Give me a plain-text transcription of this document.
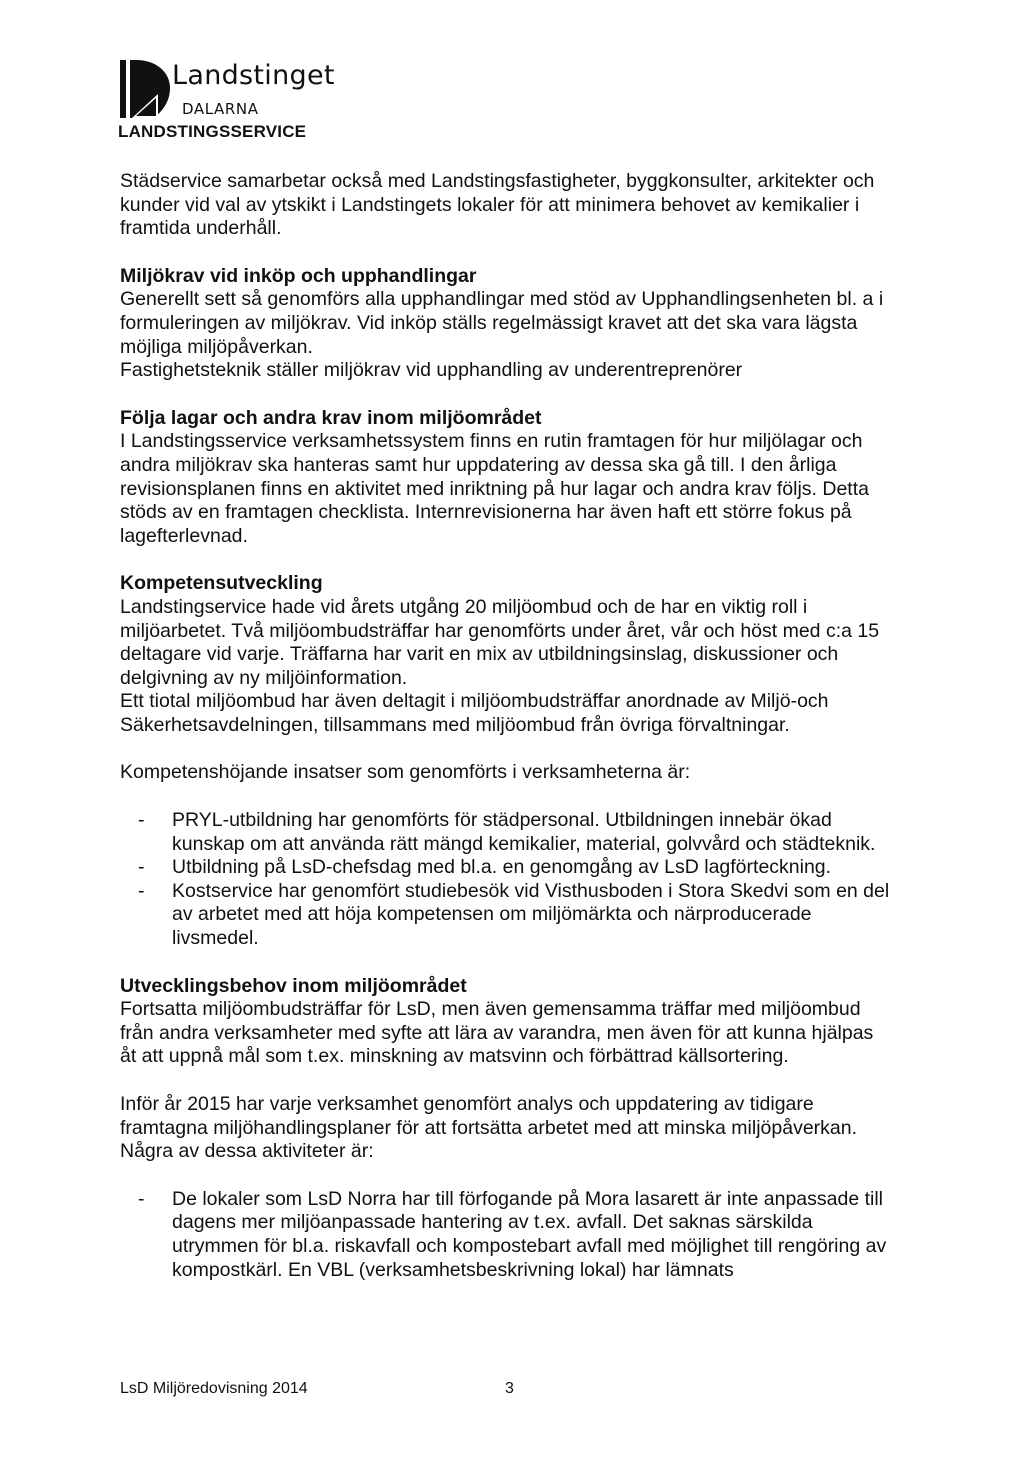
Landstinget
DALARNA
LANDSTINGSSERVICE

Städservice samarbetar också med Landstingsfastigheter, byggkonsulter, arkitekter och kunder vid val av ytskikt i Landstingets lokaler för att minimera behovet av kemikalier i framtida underhåll.

Miljökrav vid inköp och upphandlingar

Generellt sett så genomförs alla upphandlingar med stöd av Upphandlingsenheten bl. a i formuleringen av miljökrav. Vid inköp ställs regelmässigt kravet att det ska vara lägsta möjliga miljöpåverkan.

Fastighetsteknik ställer miljökrav vid upphandling av underentreprenörer

Följa lagar och andra krav inom miljöområdet

I Landstingsservice verksamhetssystem finns en rutin framtagen för hur miljölagar och andra miljökrav ska hanteras samt hur uppdatering av dessa ska gå till. I den årliga revisionsplanen finns en aktivitet med inriktning på hur lagar och andra krav följs. Detta stöds av en framtagen checklista. Internrevisionerna har även haft ett större fokus på lagefterlevnad.

Kompetensutveckling

Landstingservice hade vid årets utgång 20 miljöombud och de har en viktig roll i miljöarbetet. Två miljöombudsträffar har genomförts under året, vår och höst med c:a 15 deltagare vid varje. Träffarna har varit en mix av utbildningsinslag, diskussioner och delgivning av ny miljöinformation.

Ett tiotal miljöombud har även deltagit i miljöombudsträffar anordnade av Miljö-och Säkerhetsavdelningen, tillsammans med miljöombud från övriga förvaltningar.

Kompetenshöjande insatser som genomförts i verksamheterna är:

- PRYL-utbildning har genomförts för städpersonal. Utbildningen innebär ökad kunskap om att använda rätt mängd kemikalier, material, golvvård och städteknik.
- Utbildning på LsD-chefsdag med bl.a. en genomgång av LsD lagförteckning.
- Kostservice har genomfört studiebesök vid Visthusboden i Stora Skedvi som en del av arbetet med att höja kompetensen om miljömärkta och närproducerade livsmedel.
Utvecklingsbehov inom miljöområdet

Fortsatta miljöombudsträffar för LsD, men även gemensamma träffar med miljöombud från andra verksamheter med syfte att lära av varandra, men även för att kunna hjälpas åt att uppnå mål som t.ex. minskning av matsvinn och förbättrad källsortering.

Inför år 2015 har varje verksamhet genomfört analys och uppdatering av tidigare framtagna miljöhandlingsplaner för att fortsätta arbetet med att minska miljöpåverkan. Några av dessa aktiviteter är:

- De lokaler som LsD Norra har till förfogande på Mora lasarett är inte anpassade till dagens mer miljöanpassade hantering av t.ex. avfall. Det saknas särskilda utrymmen för bl.a. riskavfall och kompostebart avfall med möjlighet till rengöring av kompostkärl. En VBL (verksamhetsbeskrivning lokal) har lämnats
LsD Miljöredovisning 2014	3
